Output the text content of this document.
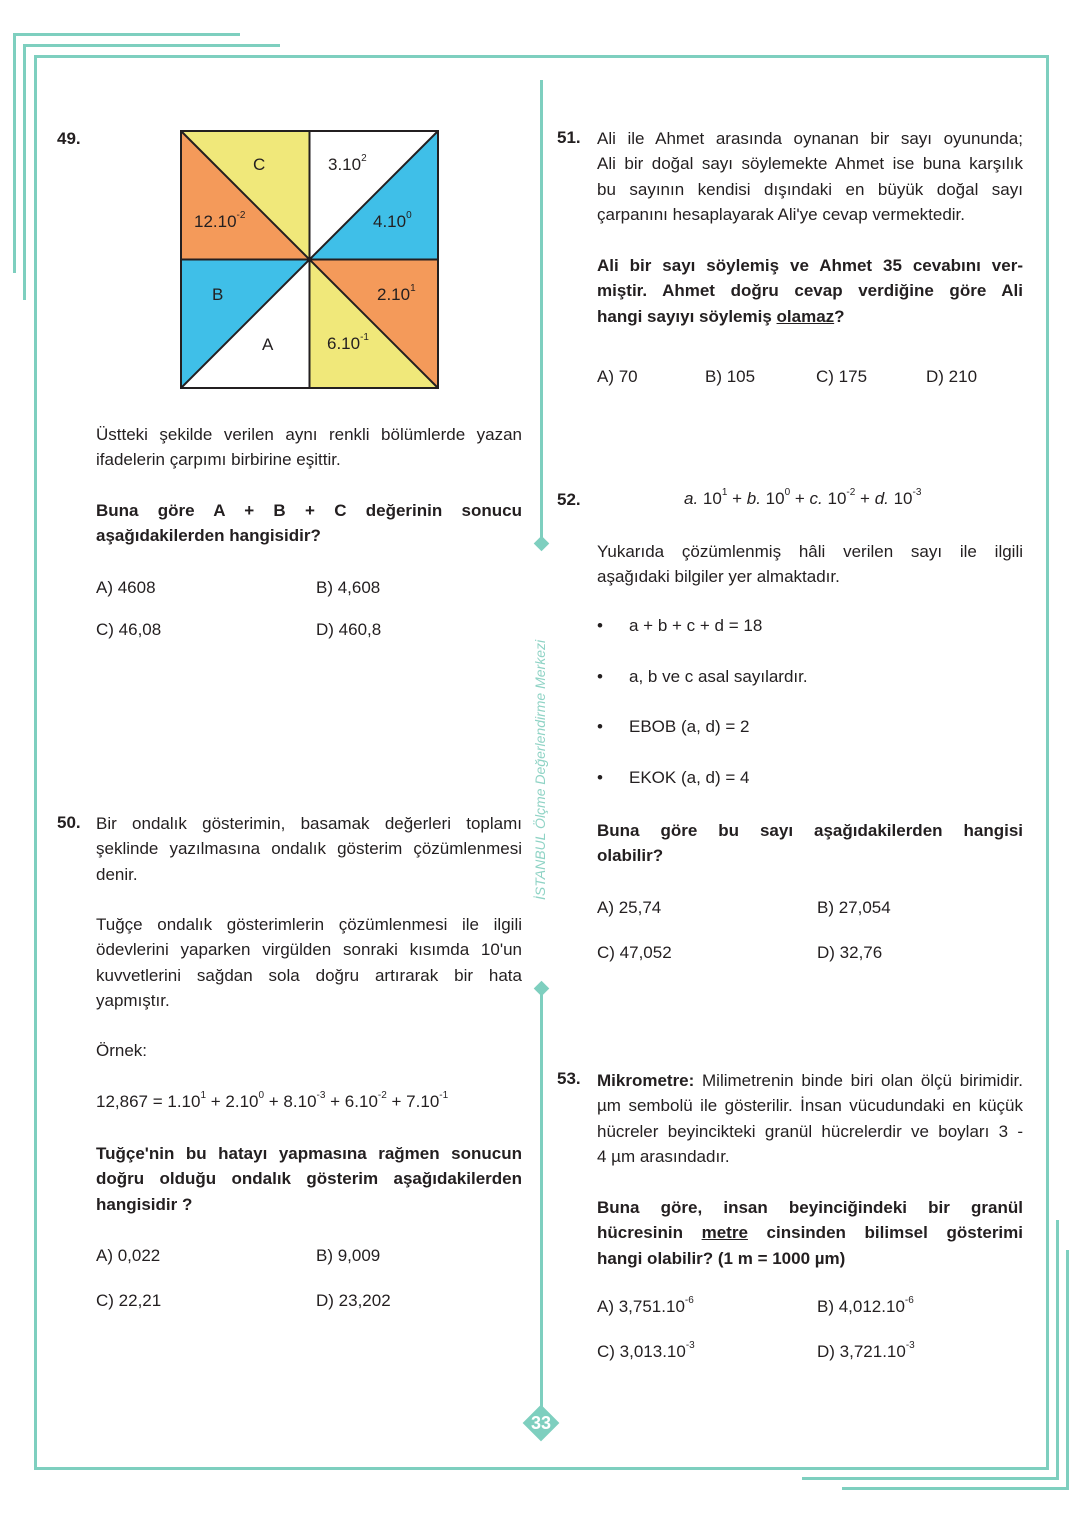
İSTANBUL Ölçme Değerlendirme Merkezi
33
49.
C
B
A
$12.10^{-2}$
3.10$^2$
4.10$^0$
2.10$^1$
$6.10^{-1}$
Üstteki şekilde verilen aynı renkli bölümlerde yazan
ifadelerin çarpımı birbirine eşittir.
Buna göre A + B + C değerinin sonucu
aşağıdakilerden hangisidir?
A) 4608	B) 4,608
C) 46,08	D) 460,8
50. Bir ondalık gösterimin, basamak değerleri toplamı
şeklinde yazılmasına ondalık gösterim çözümlenmesi
denir.
Tuğçe ondalık gösterimlerin çözümlenmesi ile ilgili
ödevlerini yaparken virgülden sonraki kısımda 10'un
kuvvetlerini sağdan sola doğru artırarak bir hata
yapmıştır.
Örnek:
$12,867 = 1.10^1 + 2.10^0 + 8.10^{-3} + 6.10^{-2} + 7.10^{-1}$
Tuğçe'nin bu hatayı yapmasına rağmen sonucun
doğru olduğu ondalık gösterim aşağıdakilerden
hangisidir ?
A) 0,022	B) 9,009
C) 22,21	D) 23,202
51. Ali ile Ahmet arasında oynanan bir sayı oyununda;
Ali bir doğal sayı söylemekte Ahmet ise buna karşılık
bu sayının kendisi dışındaki en büyük doğal sayı
çarpanını hesaplayarak Ali'ye cevap vermektedir.
Ali bir sayı söylemiş ve Ahmet 35 cevabını ver-
miştir. Ahmet doğru cevap verdiğine göre Ali
hangi sayıyı söylemiş olamaz?
A) 70	B) 105	C) 175	D) 210
52.	a. $10^1 + b$. $10^0 + c$. $10^{-2} + d$. $10^{-3}$
Yukarıda çözümlenmiş hâli verilen sayı ile ilgili
aşağıdaki bilgiler yer almaktadır.
• a + b + c + d = 18
• a, b ve c asal sayılardır.
• EBOB (a, d) = 2
• EKOK (a, d) = 4
Buna göre bu sayı aşağıdakilerden hangisi
olabilir?
A) 25,74	B) 27,054
C) 47,052	D) 32,76
53. Mikrometre: Milimetrenin binde biri olan ölçü birimidir.
µm sembolü ile gösterilir. İnsan vücudundaki en küçük
hücreler beyincikteki granül hücrelerdir ve boyları 3 -
4 µm arasındadır.
Buna göre, insan beyinciğindeki bir granül
hücresinin metre cinsinden bilimsel gösterimi
hangi olabilir? (1 m = 1000 µm)
A) $3,751.10^{-6}$	B) $4,012.10^{-6}$
C) $3,013.10^{-3}$	D) $3,721.10^{-3}$
